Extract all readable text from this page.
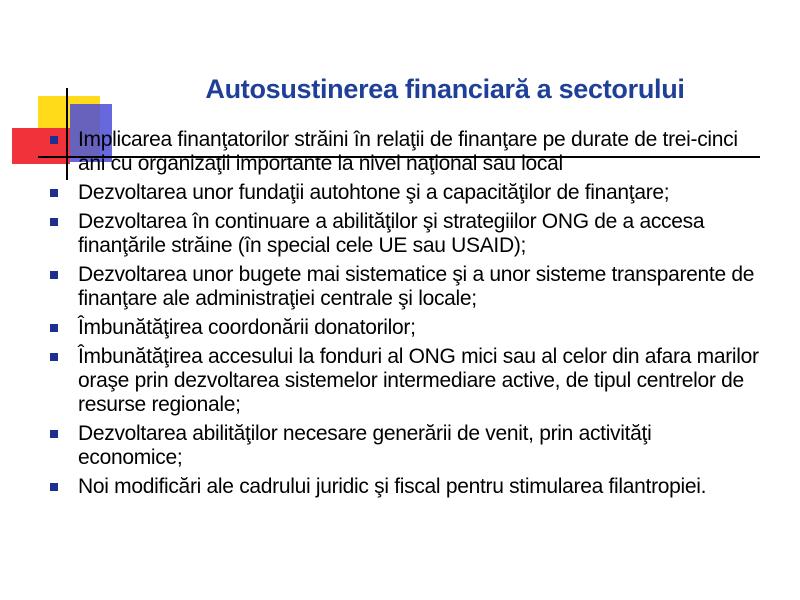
Autosustinerea financiară a sectorului
Implicarea finanţatorilor străini în relaţii de finanţare pe durate de trei-cinci ani cu organizaţii importante la nivel naţional sau local
Dezvoltarea unor fundaţii autohtone şi a capacităţilor de finanţare;
Dezvoltarea în continuare a abilităţilor şi strategiilor ONG de a accesa finanţările străine (în special cele UE sau USAID);
Dezvoltarea unor bugete mai sistematice şi a unor sisteme transparente de finanţare ale administraţiei centrale şi locale;
Îmbunătăţirea coordonării donatorilor;
Îmbunătăţirea accesului la fonduri al ONG mici sau al celor din afara marilor oraşe prin dezvoltarea sistemelor intermediare active, de tipul centrelor de resurse regionale;
Dezvoltarea abilităţilor necesare generării de venit, prin activităţi economice;
Noi modificări ale cadrului juridic şi fiscal pentru stimularea filantropiei.
